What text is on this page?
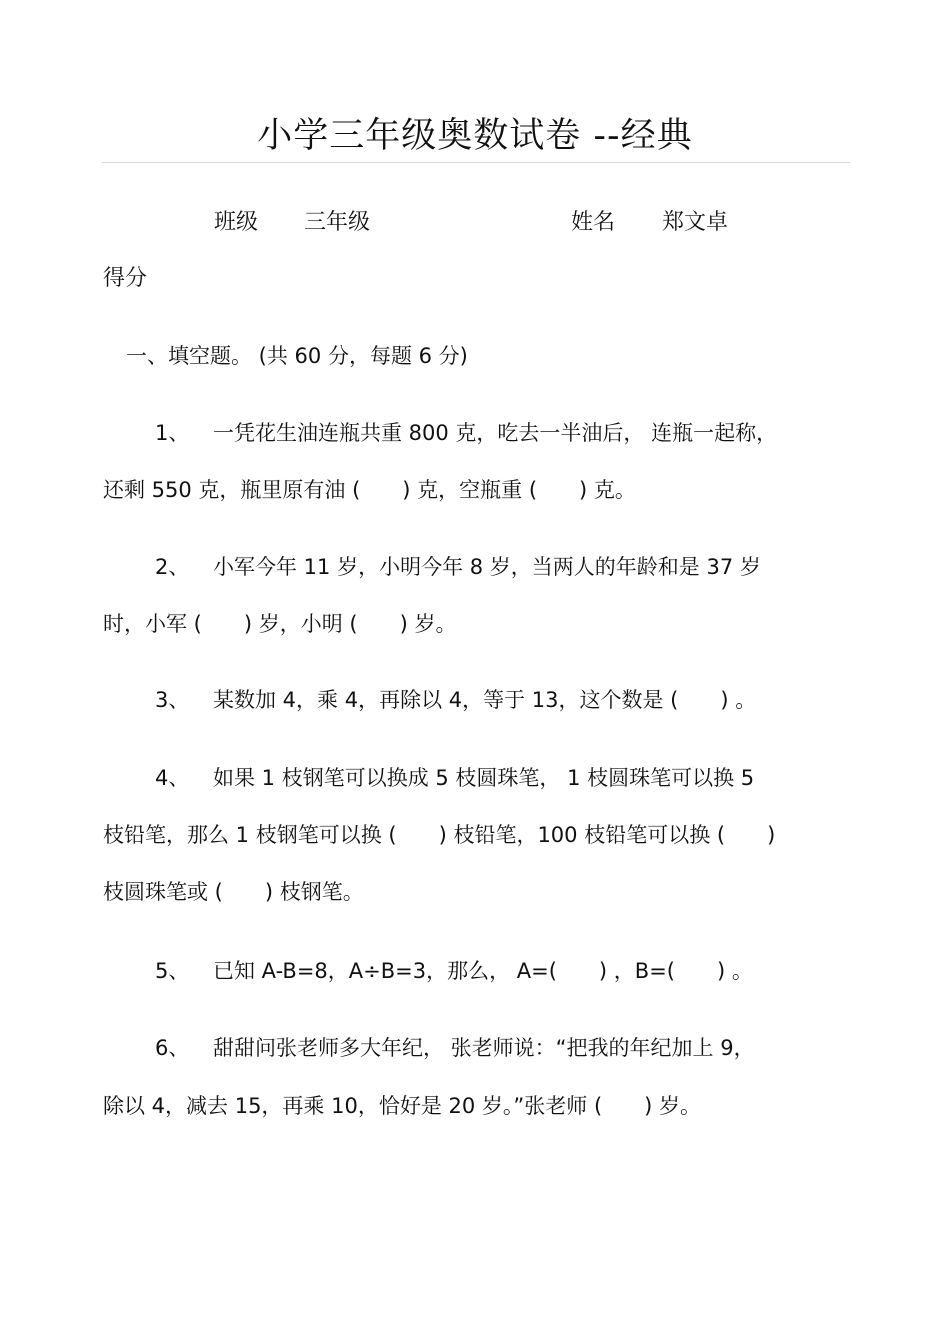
小学三年级奥数试卷 --经典
班级 三年级	姓名 郑文卓
得分
一、填空题。 (共 60 分，每题 6 分)
1、 一凭花生油连瓶共重 800 克，吃去一半油后， 连瓶一起称，
还剩 550 克，瓶里原有油 (　　) 克，空瓶重 (　　) 克。
2、 小军今年 11 岁，小明今年 8 岁，当两人的年龄和是 37 岁
时，小军 (　　) 岁，小明 (　　) 岁。
3、 某数加 4，乘 4，再除以 4，等于 13，这个数是 (　　) 。
4、 如果 1 枝钢笔可以换成 5 枝圆珠笔， 1 枝圆珠笔可以换 5
枝铅笔，那么 1 枝钢笔可以换 (　　) 枝铅笔，100 枝铅笔可以换 (　　)
枝圆珠笔或 (　　) 枝钢笔。
5、 已知 A-B=8，A÷B=3，那么， A=(　　) ，B=(　　) 。
6、 甜甜问张老师多大年纪， 张老师说：“把我的年纪加上 9，
除以 4，减去 15，再乘 10，恰好是 20 岁。”张老师 (　　) 岁。
